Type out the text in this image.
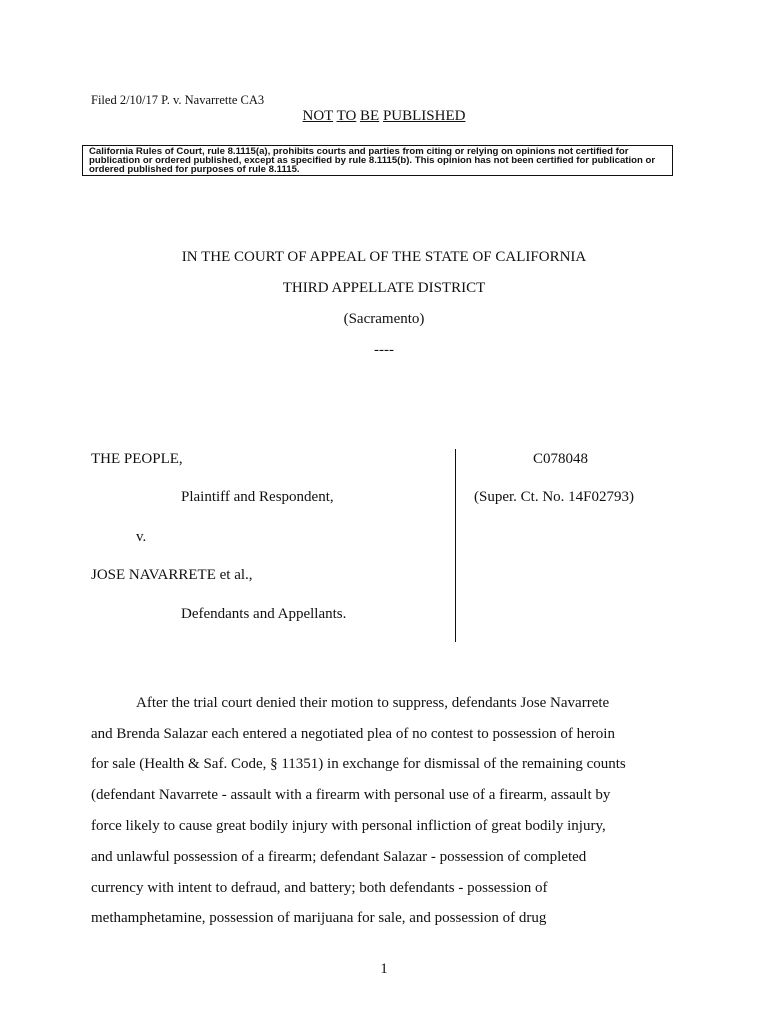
Filed 2/10/17 P. v. Navarrette CA3
NOT TO BE PUBLISHED
California Rules of Court, rule 8.1115(a), prohibits courts and parties from citing or relying on opinions not certified for publication or ordered published, except as specified by rule 8.1115(b). This opinion has not been certified for publication or ordered published for purposes of rule 8.1115.
IN THE COURT OF APPEAL OF THE STATE OF CALIFORNIA
THIRD APPELLATE DISTRICT
(Sacramento)
----
THE PEOPLE,
Plaintiff and Respondent,
v.
JOSE NAVARRETE et al.,
Defendants and Appellants.
C078048
(Super. Ct. No. 14F02793)
After the trial court denied their motion to suppress, defendants Jose Navarrete
and Brenda Salazar each entered a negotiated plea of no contest to possession of heroin
for sale (Health & Saf. Code, § 11351) in exchange for dismissal of the remaining counts
(defendant Navarrete - assault with a firearm with personal use of a firearm, assault by
force likely to cause great bodily injury with personal infliction of great bodily injury,
and unlawful possession of a firearm; defendant Salazar - possession of completed
currency with intent to defraud, and battery; both defendants - possession of
methamphetamine, possession of marijuana for sale, and possession of drug
1
